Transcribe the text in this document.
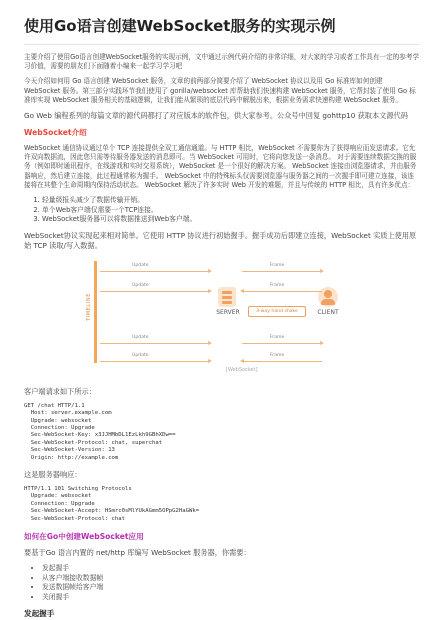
使用Go语言创建WebSocket服务的实现示例
主要介绍了使用Go语言创建WebSocket服务的实现示例，文中通过示例代码介绍的非常详细，对大家的学习或者工作具有一定的参考学习价值，需要的朋友们下面随着小编来一起学习学习吧
今天介绍如何用 Go 语言创建 WebSocket 服务，文章的前两部分简要介绍了 WebSocket 协议以及用 Go 标准库如何创建 WebSocket 服务。第三部分实践环节我们使用了 gorilla/websocket 库帮助我们快速构建 WebSocket 服务，它帮封装了使用 Go 标准库实现 WebSocket 服务相关的基础逻辑，让我们能从繁琐的底层代码中解脱出来，根据业务需求快速构建 WebSocket 服务。
Go Web 编程系列的每篇文章的源代码都打了对应版本的软件包，供大家参考。公众号中回复 gohttp10 获取本文源代码
WebSocket介绍
WebSocket 通信协议通过单个 TCP 连接提供全双工通信通道。与 HTTP 相比，WebSocket 不需要你为了获得响应而发送请求。它允许双向数据流，因此您只需等待服务器发送的消息即可。当 WebSocket 可用时，它将向您发送一条消息。 对于需要连续数据交换的服务（例如即时通讯程序，在线游戏和实时交易系统），WebSocket 是一个很好的解决方案。 WebSocket 连接由浏览器请求，并由服务器响应，然后建立连接，此过程通常称为握手。 WebSocket 中的特殊标头仅需要浏览器与服务器之间的一次握手即可建立连接，该连接将在其整个生命周期内保持活动状态。 WebSocket 解决了许多实时 Web 开发的难题，并且与传统的 HTTP 相比，具有许多优点：
1. 轻量级报头减少了数据传输开销。
2. 单个Web客户端仅需要一个TCP连接。
3. WebSocket服务器可以将数据推送到Web客户端。
WebSocket协议实现起来相对简单。它使用 HTTP 协议进行初始握手。握手成功后即建立连接，WebSocket 实质上使用原始 TCP 读取/写入数据。
TIMELINE
Update
Update
Update
Update
SERVER	3-way hand shake	CLIENT
Frame
Frame
Frame
Frame
[WebSocket]
客户端请求如下所示：
GET /chat HTTP/1.1
Host: server.example.com
Upgrade: websocket
Connection: Upgrade
Sec-WebSocket-Key: x3JJHMbDL1EzLkh9GBhXDw==
Sec-WebSocket-Protocol: chat, superchat
Sec-WebSocket-Version: 13
Origin: http://example.com
这是服务器响应：
HTTP/1.1 101 Switching Protocols
Upgrade: websocket
Connection: Upgrade
Sec-WebSocket-Accept: HSmrc0sMlYUkAGmm5OPpG2HaGWk=
Sec-WebSocket-Protocol: chat
如何在Go中创建WebSocket应用
要基于Go 语言内置的 net/http 库编写 WebSocket 服务器，你需要：
• 发起握手
• 从客户端接收数据帧
• 发送数据帧给客户端
• 关闭握手
发起握手
